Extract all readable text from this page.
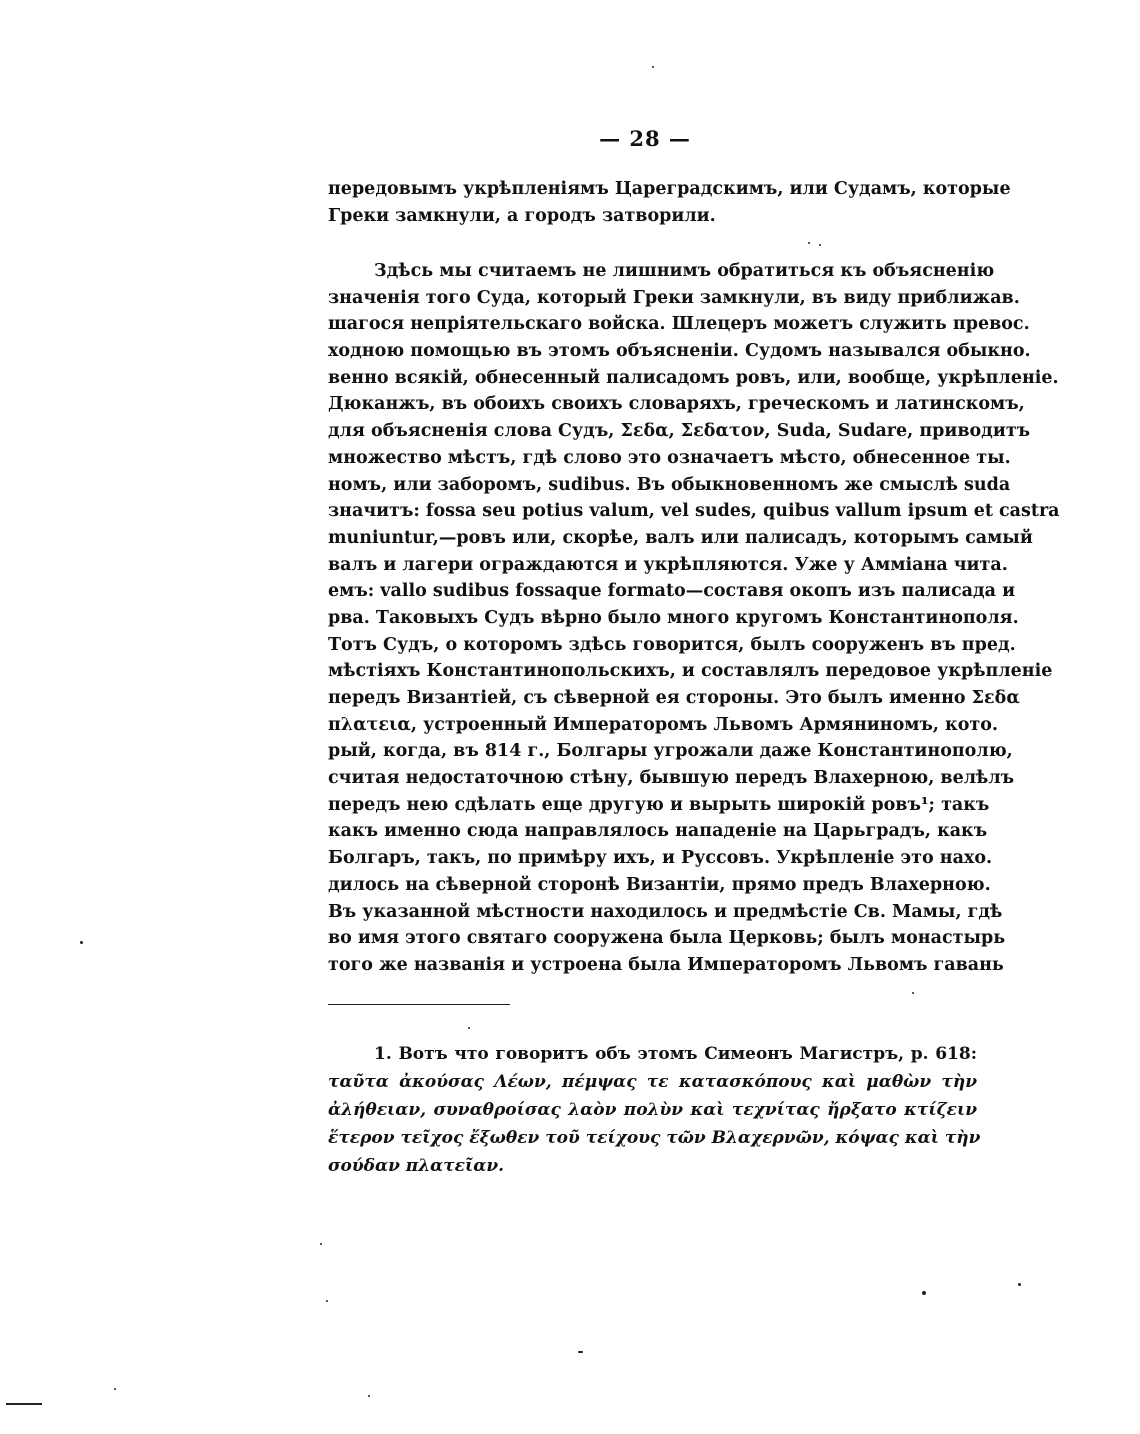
— 28 —
передовымъ укрѣпленіямъ Цареградскимъ, или Судамъ, которые
Греки замкнули, а городъ затворили.
Здѣсь мы считаемъ не лишнимъ обратиться къ объясненію
значенія того Суда, который Греки замкнули, въ виду приближав.
шагося непріятельскаго войска. Шлецеръ можетъ служить превос.
ходною помощью въ этомъ объясненіи. Судомъ назывался обыкно.
венно всякій, обнесенный палисадомъ ровъ, или, вообще, укрѣпленіе.
Дюканжъ, въ обоихъ своихъ словаряхъ, греческомъ и латинскомъ,
для объясненія слова Судъ, Σεδα, Σεδατον, Suda, Sudare, приводитъ
множество мѣстъ, гдѣ слово это означаетъ мѣсто, обнесенное ты.
номъ, или заборомъ, sudibus. Въ обыкновенномъ же смыслѣ suda
значитъ: fossa seu potius valum, vel sudes, quibus vallum ipsum et castra
muniuntur,—ровъ или, скорѣе, валъ или палисадъ, которымъ самый
валъ и лагери ограждаются и укрѣпляются. Уже у Амміана чита.
емъ: vallo sudibus fossaque formato—составя окопъ изъ палисада и
рва. Таковыхъ Судъ вѣрно было много кругомъ Константинополя.
Тотъ Судъ, о которомъ здѣсь говорится, былъ сооруженъ въ пред.
мѣстіяхъ Константинопольскихъ, и составлялъ передовое укрѣпленіе
передъ Византіей, съ сѣверной ея стороны. Это былъ именно Σεδα
πλατεια, устроенный Императоромъ Львомъ Армяниномъ, кото.
рый, когда, въ 814 г., Болгары угрожали даже Константинополю,
считая недостаточною стѣну, бывшую передъ Влахерною, велѣлъ
передъ нею сдѣлать еще другую и вырыть широкій ровъ¹; такъ
какъ именно сюда направлялось нападеніе на Царьградъ, какъ
Болгаръ, такъ, по примѣру ихъ, и Руссовъ. Укрѣпленіе это нахо.
дилось на сѣверной сторонѣ Византіи, прямо предъ Влахерною.
Въ указанной мѣстности находилось и предмѣстіе Св. Мамы, гдѣ
во имя этого святаго сооружена была Церковь; былъ монастырь
того же названія и устроена была Императоромъ Львомъ гавань
1. Вотъ что говоритъ объ этомъ Симеонъ Магистръ, p. 618:
ταῦτα ἀκούσας Λέων, πέμψας τε κατασκόπους καὶ μαθὼν τὴν
ἀλήθειαν, συναθροίσας λαὸν πολὺν καὶ τεχνίτας ἤρξατο κτίζειν
ἕτερον τεῖχος ἔξωθεν τοῦ τείχους τῶν Βλαχερνῶν, κόψας καὶ τὴν
σούδαν πλατεῖαν.
